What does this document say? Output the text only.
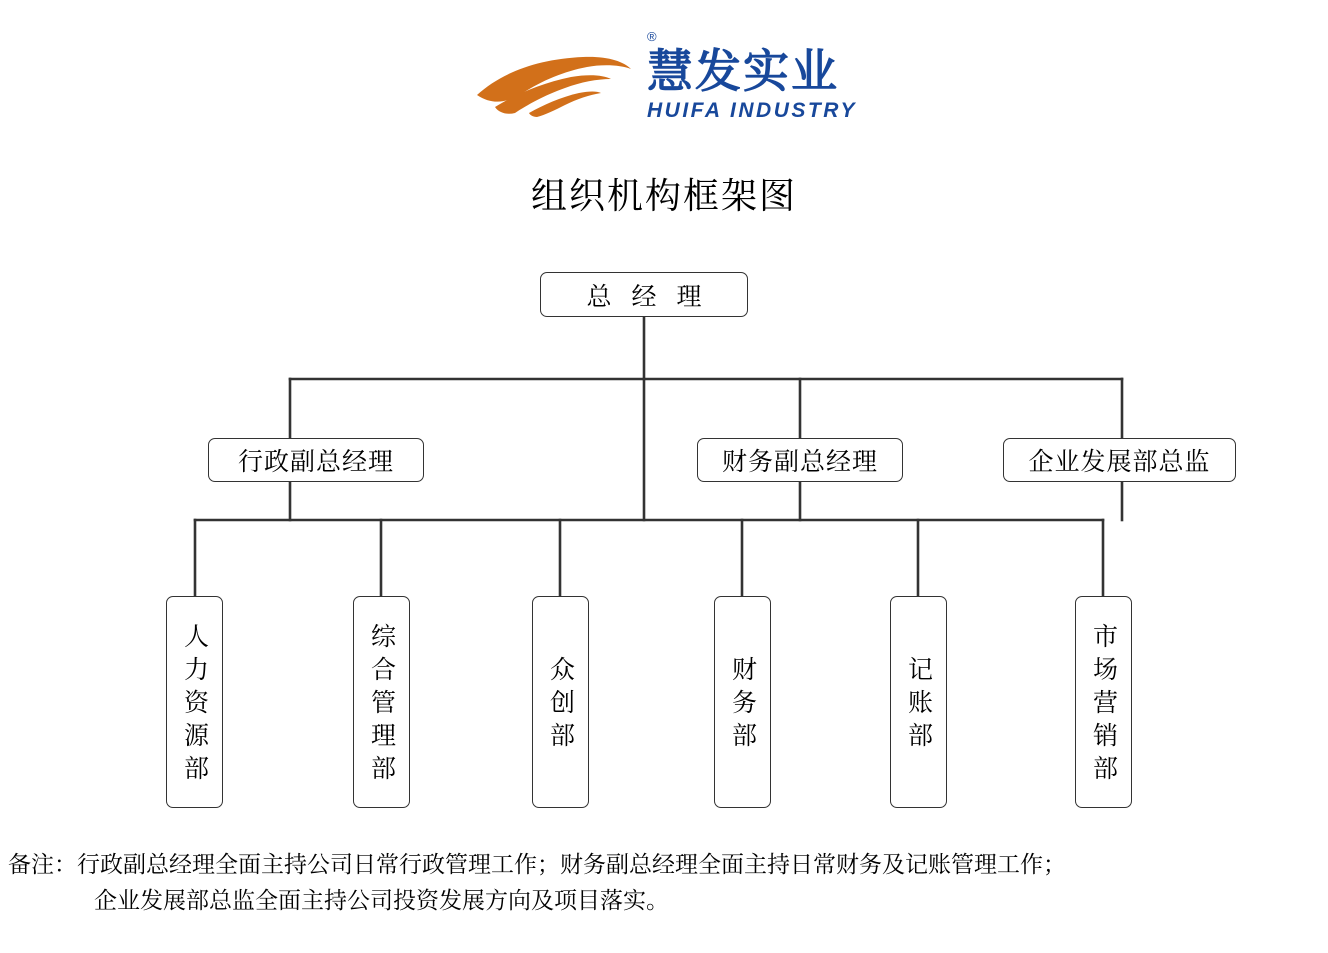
®
慧发实业
HUIFA INDUSTRY
组织机构框架图
总 经 理
行政副总经理	财务副总经理	企业发展部总监
人力资源部	综合管理部	众创部	财务部	记账部	市场营销部
备注：行政副总经理全面主持公司日常行政管理工作；财务副总经理全面主持日常财务及记账管理工作；
企业发展部总监全面主持公司投资发展方向及项目落实。
